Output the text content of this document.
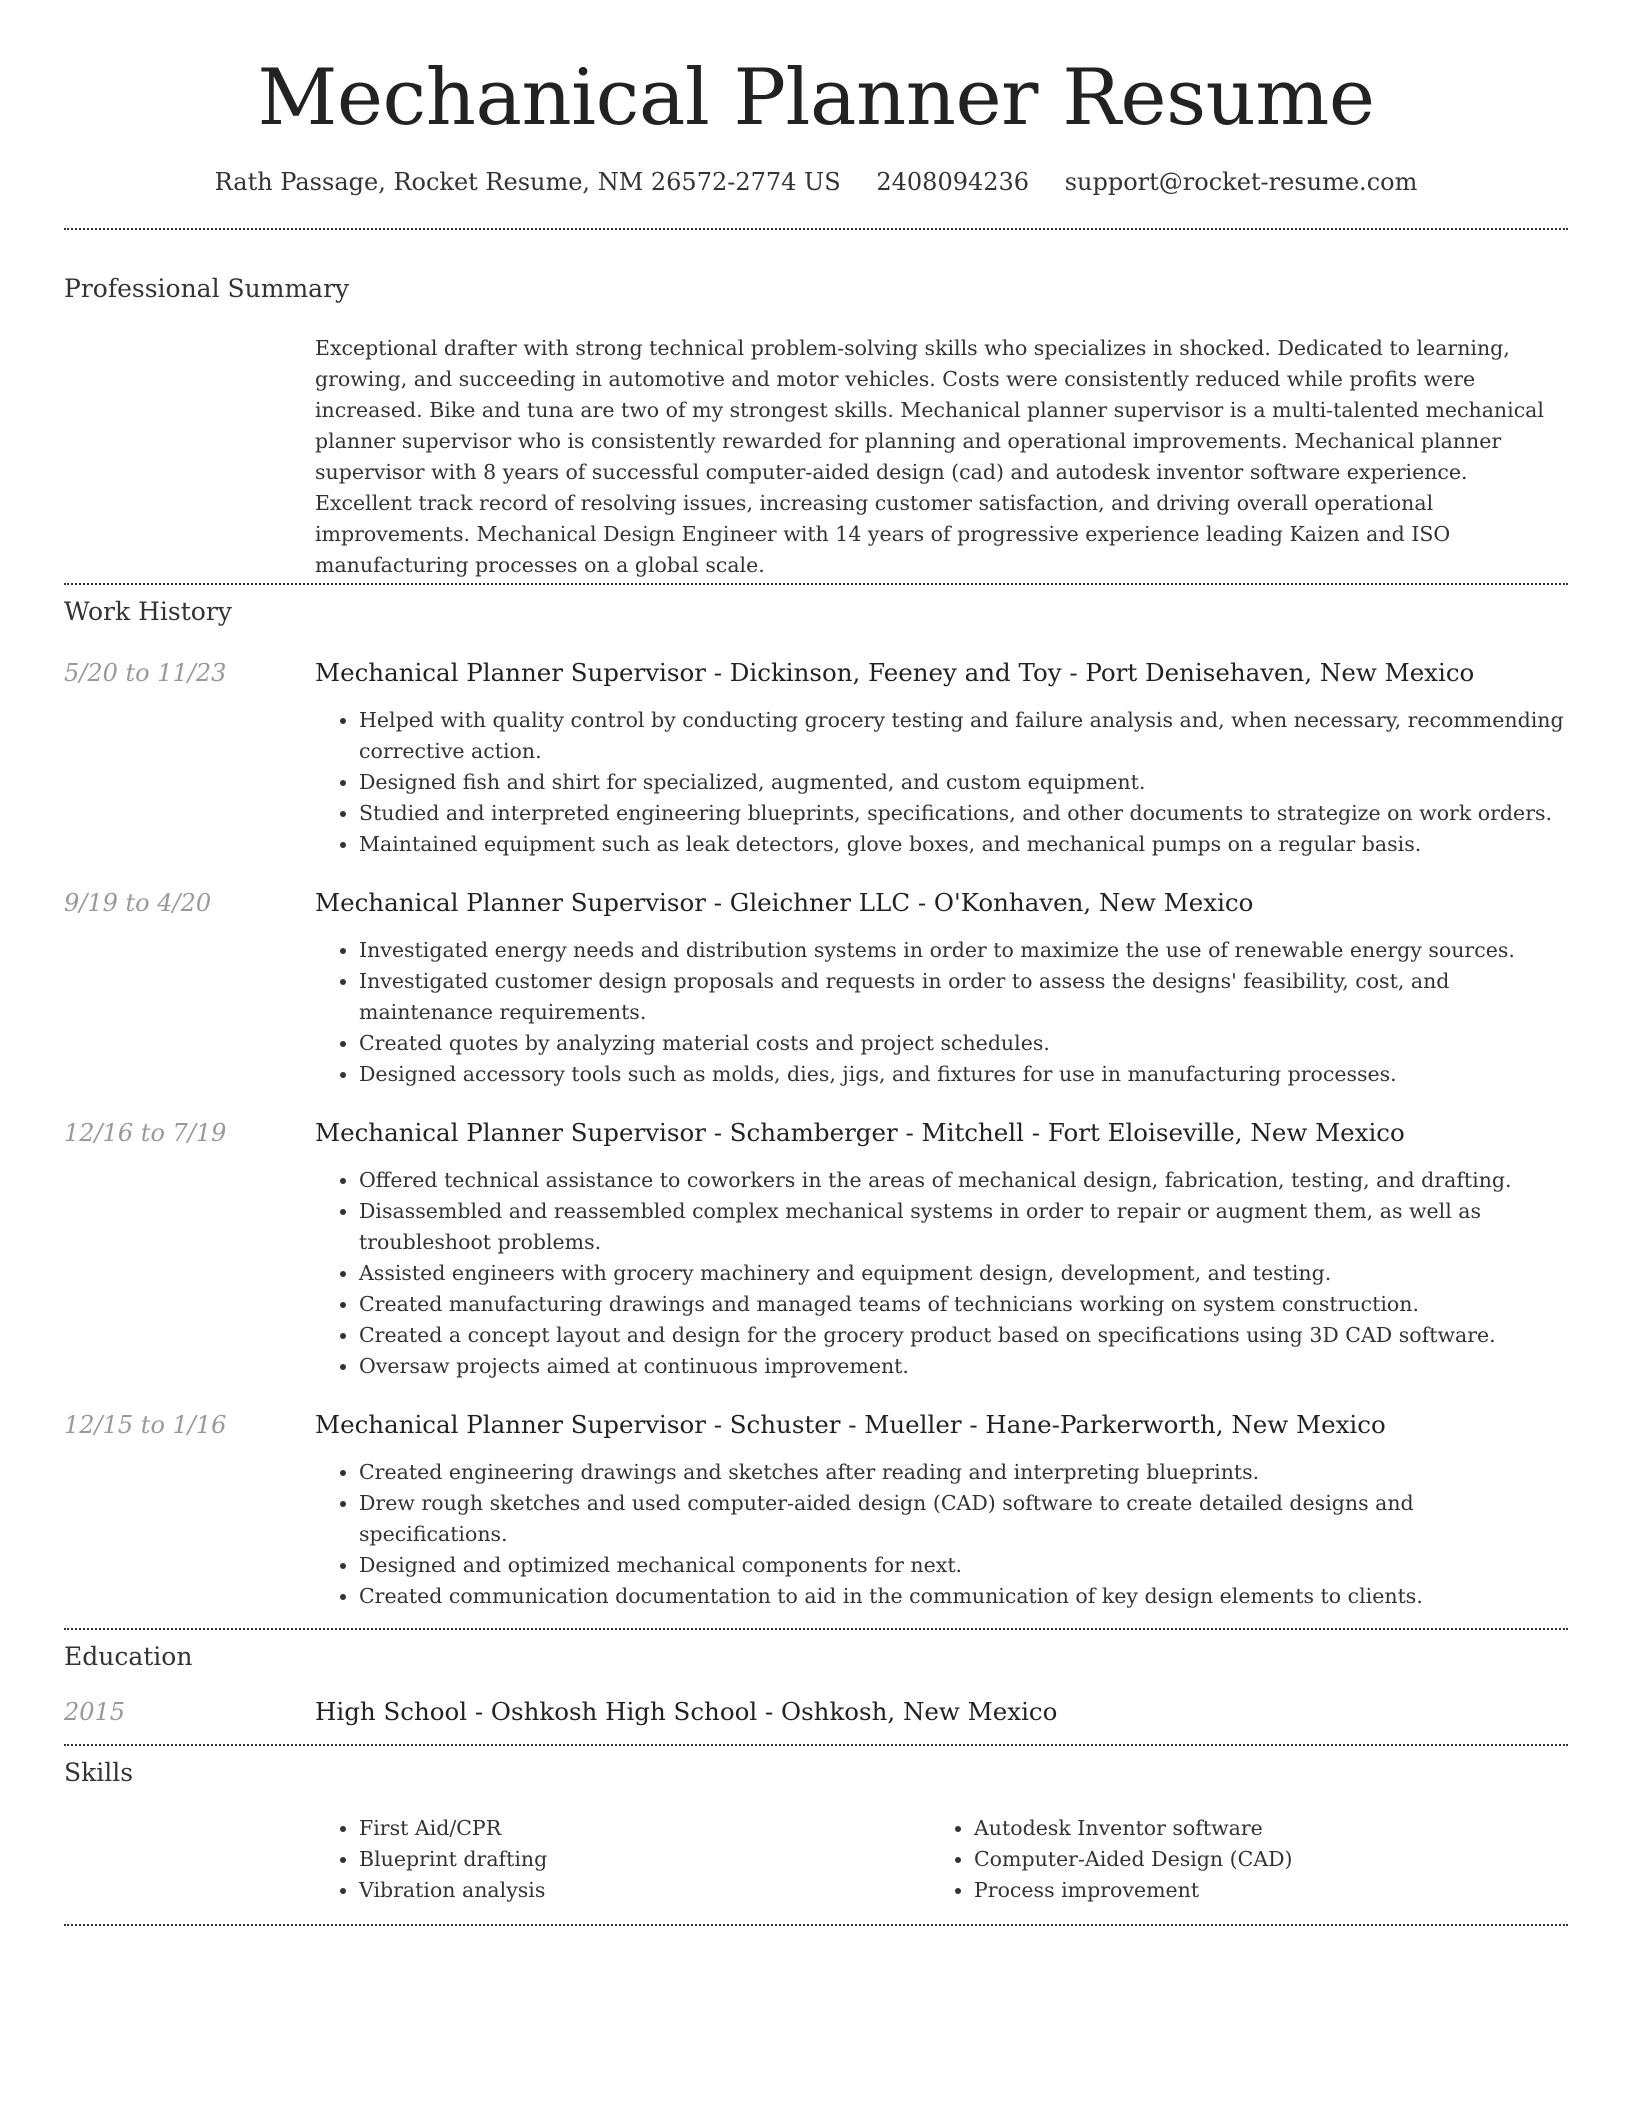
Mechanical Planner Resume
Rath Passage, Rocket Resume, NM 26572-2774 US 2408094236 support@rocket-resume.com
Professional Summary

Exceptional drafter with strong technical problem-solving skills who specializes in shocked. Dedicated to learning, growing, and succeeding in automotive and motor vehicles. Costs were consistently reduced while profits were increased. Bike and tuna are two of my strongest skills. Mechanical planner supervisor is a multi-talented mechanical planner supervisor who is consistently rewarded for planning and operational improvements. Mechanical planner supervisor with 8 years of successful computer-aided design (cad) and autodesk inventor software experience. Excellent track record of resolving issues, increasing customer satisfaction, and driving overall operational improvements. Mechanical Design Engineer with 14 years of progressive experience leading Kaizen and ISO manufacturing processes on a global scale.

Work History
5/20 to 11/23	Mechanical Planner Supervisor - Dickinson, Feeney and Toy - Port Denisehaven, New Mexico
• Helped with quality control by conducting grocery testing and failure analysis and, when necessary, recommending corrective action.
• Designed fish and shirt for specialized, augmented, and custom equipment.
• Studied and interpreted engineering blueprints, specifications, and other documents to strategize on work orders.
• Maintained equipment such as leak detectors, glove boxes, and mechanical pumps on a regular basis.
9/19 to 4/20	Mechanical Planner Supervisor - Gleichner LLC - O'Konhaven, New Mexico
• Investigated energy needs and distribution systems in order to maximize the use of renewable energy sources.
• Investigated customer design proposals and requests in order to assess the designs' feasibility, cost, and maintenance requirements.
• Created quotes by analyzing material costs and project schedules.
• Designed accessory tools such as molds, dies, jigs, and fixtures for use in manufacturing processes.
12/16 to 7/19	Mechanical Planner Supervisor - Schamberger - Mitchell - Fort Eloiseville, New Mexico
• Offered technical assistance to coworkers in the areas of mechanical design, fabrication, testing, and drafting.
• Disassembled and reassembled complex mechanical systems in order to repair or augment them, as well as troubleshoot problems.
• Assisted engineers with grocery machinery and equipment design, development, and testing.
• Created manufacturing drawings and managed teams of technicians working on system construction.
• Created a concept layout and design for the grocery product based on specifications using 3D CAD software.
• Oversaw projects aimed at continuous improvement.
12/15 to 1/16	Mechanical Planner Supervisor - Schuster - Mueller - Hane-Parkerworth, New Mexico
• Created engineering drawings and sketches after reading and interpreting blueprints.
• Drew rough sketches and used computer-aided design (CAD) software to create detailed designs and specifications.
• Designed and optimized mechanical components for next.
• Created communication documentation to aid in the communication of key design elements to clients.
Education
2015	High School - Oshkosh High School - Oshkosh, New Mexico
Skills
• First Aid/CPR
• Blueprint drafting
• Vibration analysis
• Autodesk Inventor software
• Computer-Aided Design (CAD)
• Process improvement
